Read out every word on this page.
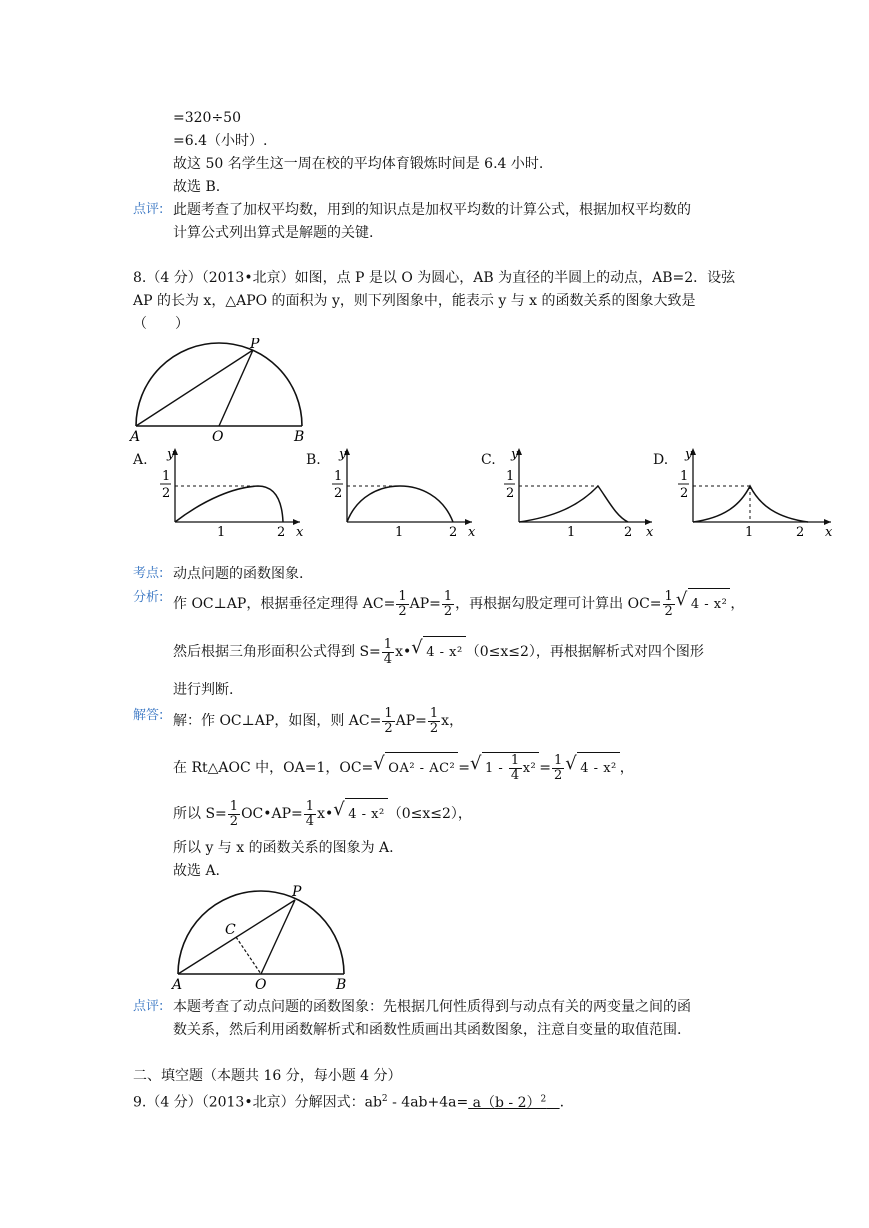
=320÷50
=6.4（小时）.
故这 50 名学生这一周在校的平均体育锻炼时间是 6.4 小时.
故选 B.
点评: 此题考查了加权平均数，用到的知识点是加权平均数的计算公式，根据加权平均数的
计算公式列出算式是解题的关键.
8.（4 分）（2013•北京）如图，点 P 是以 O 为圆心，AB 为直径的半圆上的动点，AB=2．设弦
AP 的长为 x，△APO 的面积为 y，则下列图象中，能表示 y 与 x 的函数关系的图象大致是
（　　）
A	O	B
P
A. y
x
1
2
1	2
B. y
x
1
2
1	2
C. y
x
1
2
1	2
D. y
x
1
2
1	2
考点: 动点问题的函数图象.
分析: 作 OC⊥AP，根据垂径定理得 $AC= \frac{1}{2} AP= \frac{1}{2}$ ，再根据勾股定理可计算出 $OC= \frac{1}{2}$ √ 4 - x² ，
然后根据三角形面积公式得到 $S= \frac{1}{4}$ x• √ 4 - x² （0≤x≤2），再根据解析式对四个图形
进行判断.
解答: 解：作 OC⊥AP，如图，则 $AC= \frac{1}{2} AP= \frac{1}{2}$ x，
在 Rt△AOC 中，OA=1，OC= √ OA² - AC² = √ $1 - \frac{1}{4} x^2 = \frac{1}{2}$ √ 4 - x² ，
所以 $S= \frac{1}{2}$ OC•AP= $\frac{1}{4}$ x• √ 4 - x² （0≤x≤2），
所以 y 与 x 的函数关系的图象为 A.
故选 A.
A	O	B
P
C
点评: 本题考查了动点问题的函数图象：先根据几何性质得到与动点有关的两变量之间的函
数关系，然后利用函数解析式和函数性质画出其函数图象，注意自变量的取值范围.
二、填空题（本题共 16 分，每小题 4 分）
9.（4 分）（2013•北京）分解因式：$ab^2 - 4ab+4a= a(b - 2)^2$ .
